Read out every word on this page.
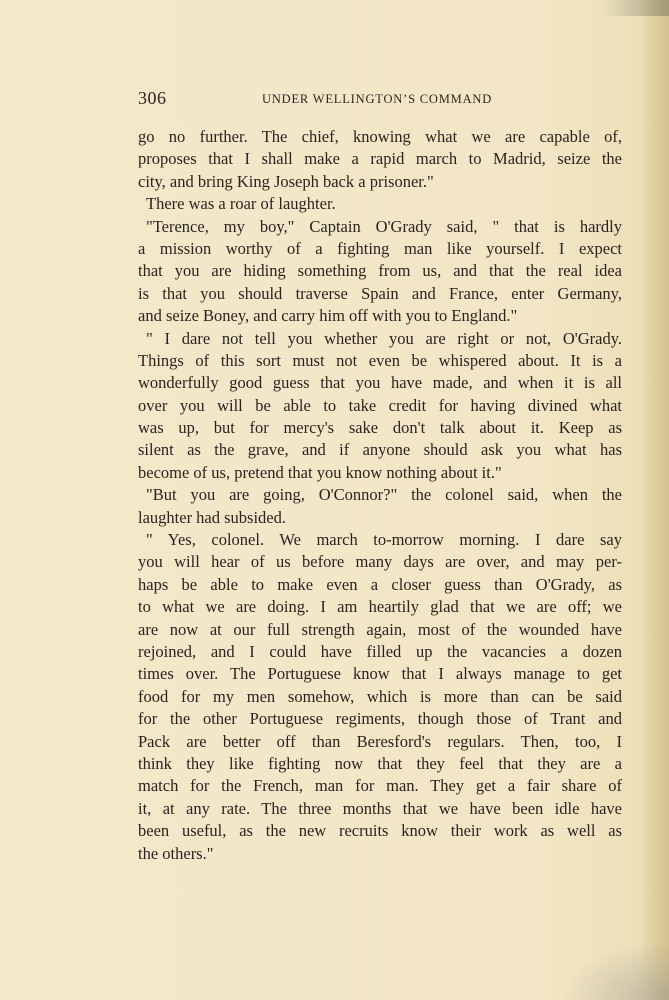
306	UNDER WELLINGTON’S COMMAND
go no further. The chief, knowing what we are capable of,
proposes that I shall make a rapid march to Madrid, seize the
city, and bring King Joseph back a prisoner."
There was a roar of laughter.
"Terence, my boy," Captain O'Grady said, " that is hardly
a mission worthy of a fighting man like yourself. I expect
that you are hiding something from us, and that the real idea
is that you should traverse Spain and France, enter Germany,
and seize Boney, and carry him off with you to England."
" I dare not tell you whether you are right or not, O'Grady.
Things of this sort must not even be whispered about. It is a
wonderfully good guess that you have made, and when it is all
over you will be able to take credit for having divined what
was up, but for mercy's sake don't talk about it. Keep as
silent as the grave, and if anyone should ask you what has
become of us, pretend that you know nothing about it."
"But you are going, O'Connor?" the colonel said, when the
laughter had subsided.
" Yes, colonel. We march to-morrow morning. I dare say
you will hear of us before many days are over, and may per-
haps be able to make even a closer guess than O'Grady, as
to what we are doing. I am heartily glad that we are off; we
are now at our full strength again, most of the wounded have
rejoined, and I could have filled up the vacancies a dozen
times over. The Portuguese know that I always manage to get
food for my men somehow, which is more than can be said
for the other Portuguese regiments, though those of Trant and
Pack are better off than Beresford's regulars. Then, too, I
think they like fighting now that they feel that they are a
match for the French, man for man. They get a fair share of
it, at any rate. The three months that we have been idle have
been useful, as the new recruits know their work as well as
the others."
